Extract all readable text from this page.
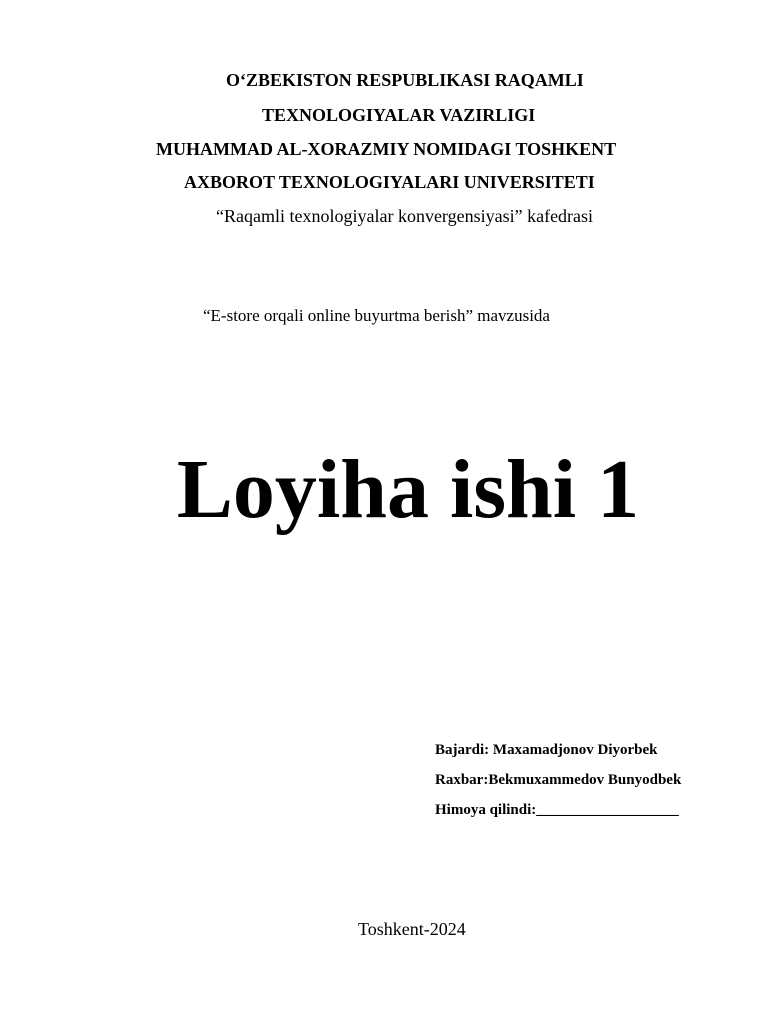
O‘ZBEKISTON RESPUBLIKASI RAQAMLI
TEXNOLOGIYALAR VAZIRLIGI
MUHAMMAD AL-XORAZMIY NOMIDAGI TOSHKENT
AXBOROT TEXNOLOGIYALARI UNIVERSITETI
“Raqamli texnologiyalar konvergensiyasi” kafedrasi
“E-store orqali online buyurtma berish” mavzusida
Loyiha ishi 1
Bajardi: Maxamadjonov Diyorbek
Raxbar:Bekmuxammedov Bunyodbek
Himoya qilindi:___________________
Toshkent-2024
